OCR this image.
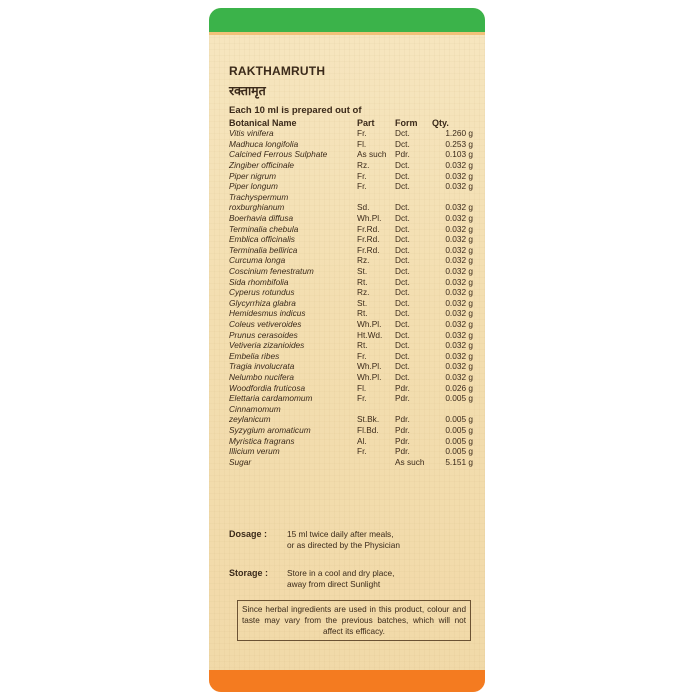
RAKTHAMRUTH
रक्तामृत
Each 10 ml is prepared out of
Botanical Name	Part	Form	Qty.
Vitis vinifera	Fr.	Dct.	1.260 g
Madhuca longifolia	Fl.	Dct.	0.253 g
Calcined Ferrous Sulphate	As such	Pdr.	0.103 g
Zingiber officinale	Rz.	Dct.	0.032 g
Piper nigrum	Fr.	Dct.	0.032 g
Piper longum	Fr.	Dct.	0.032 g
Trachyspermum			
roxburghianum	Sd.	Dct.	0.032 g
Boerhavia diffusa	Wh.Pl.	Dct.	0.032 g
Terminalia chebula	Fr.Rd.	Dct.	0.032 g
Emblica officinalis	Fr.Rd.	Dct.	0.032 g
Terminalia bellirica	Fr.Rd.	Dct.	0.032 g
Curcuma longa	Rz.	Dct.	0.032 g
Coscinium fenestratum	St.	Dct.	0.032 g
Sida rhombifolia	Rt.	Dct.	0.032 g
Cyperus rotundus	Rz.	Dct.	0.032 g
Glycyrrhiza glabra	St.	Dct.	0.032 g
Hemidesmus indicus	Rt.	Dct.	0.032 g
Coleus vetiveroides	Wh.Pl.	Dct.	0.032 g
Prunus cerasoides	Ht.Wd.	Dct.	0.032 g
Vetiveria zizanioides	Rt.	Dct.	0.032 g
Embelia ribes	Fr.	Dct.	0.032 g
Tragia involucrata	Wh.Pl.	Dct.	0.032 g
Nelumbo nucifera	Wh.Pl.	Dct.	0.032 g
Woodfordia fruticosa	Fl.	Pdr.	0.026 g
Elettaria cardamomum	Fr.	Pdr.	0.005 g
Cinnamomum			
zeylanicum	St.Bk.	Pdr.	0.005 g
Syzygium aromaticum	Fl.Bd.	Pdr.	0.005 g
Myristica fragrans	Al.	Pdr.	0.005 g
Illicium verum	Fr.	Pdr.	0.005 g
Sugar		As such	5.151 g
Dosage : 15 ml twice daily after meals,
or as directed by the Physician
Storage : Store in a cool and dry place,
away from direct Sunlight
Since herbal ingredients are used in this product, colour and taste may vary from the previous batches, which will not affect its efficacy.
